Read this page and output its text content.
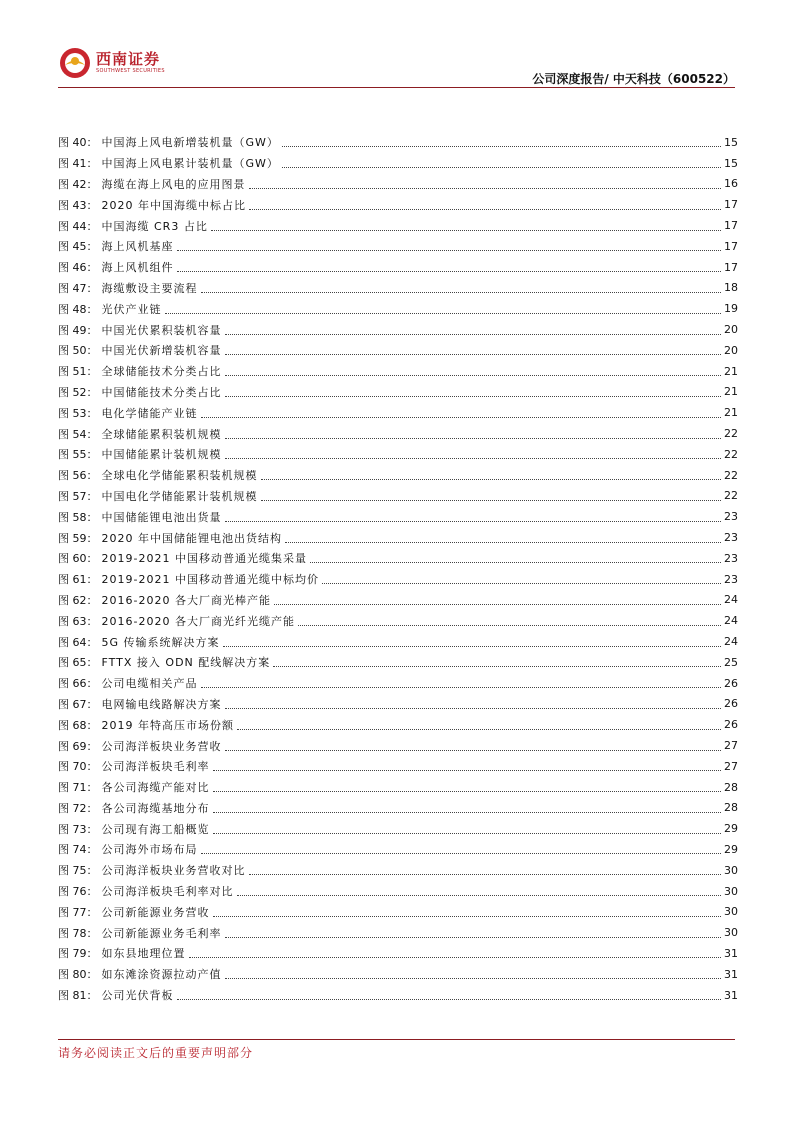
西南证券
SOUTHWEST SECURITIES
公司深度报告/ 中天科技（600522）
图 40： 中国海上风电新增装机量（GW）	15
图 41： 中国海上风电累计装机量（GW）	15
图 42： 海缆在海上风电的应用图景	16
图 43： 2020 年中国海缆中标占比	17
图 44： 中国海缆 CR3 占比	17
图 45： 海上风机基座	17
图 46： 海上风机组件	17
图 47： 海缆敷设主要流程	18
图 48： 光伏产业链	19
图 49： 中国光伏累积装机容量	20
图 50： 中国光伏新增装机容量	20
图 51： 全球储能技术分类占比	21
图 52： 中国储能技术分类占比	21
图 53： 电化学储能产业链	21
图 54： 全球储能累积装机规模	22
图 55： 中国储能累计装机规模	22
图 56： 全球电化学储能累积装机规模	22
图 57： 中国电化学储能累计装机规模	22
图 58： 中国储能锂电池出货量	23
图 59： 2020 年中国储能锂电池出货结构	23
图 60： 2019-2021 中国移动普通光缆集采量	23
图 61： 2019-2021 中国移动普通光缆中标均价	23
图 62： 2016-2020 各大厂商光棒产能	24
图 63： 2016-2020 各大厂商光纤光缆产能	24
图 64： 5G 传输系统解决方案	24
图 65： FTTX 接入 ODN 配线解决方案	25
图 66： 公司电缆相关产品	26
图 67： 电网输电线路解决方案	26
图 68： 2019 年特高压市场份额	26
图 69： 公司海洋板块业务营收	27
图 70： 公司海洋板块毛利率	27
图 71： 各公司海缆产能对比	28
图 72： 各公司海缆基地分布	28
图 73： 公司现有海工船概览	29
图 74： 公司海外市场布局	29
图 75： 公司海洋板块业务营收对比	30
图 76： 公司海洋板块毛利率对比	30
图 77： 公司新能源业务营收	30
图 78： 公司新能源业务毛利率	30
图 79： 如东县地理位置	31
图 80： 如东滩涂资源拉动产值	31
图 81： 公司光伏背板	31
请务必阅读正文后的重要声明部分
